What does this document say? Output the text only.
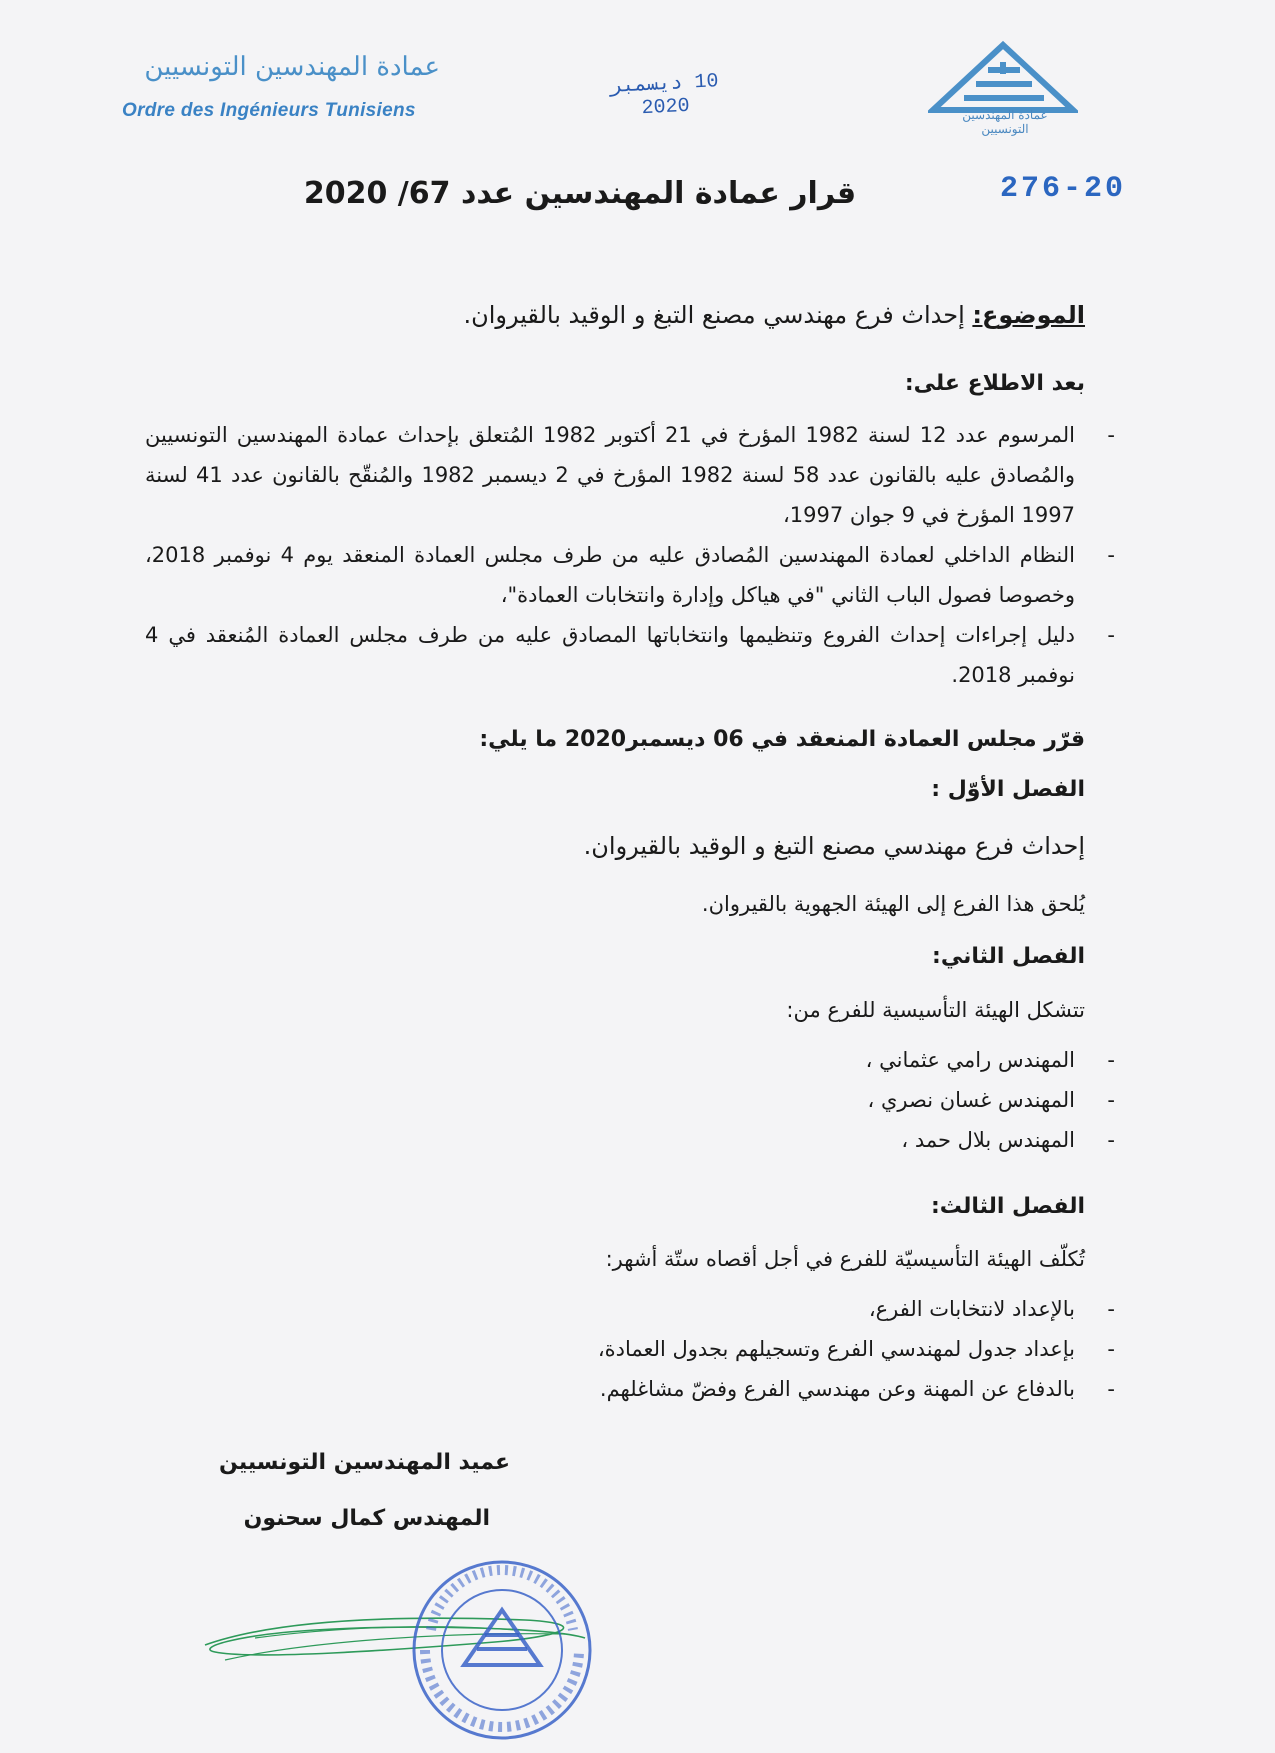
عمادة المهندسين التونسيين
Ordre des Ingénieurs Tunisiens
10 ديسمبر 2020	عمادة المهندسين التونسيين
276-20
قرار عمادة المهندسين عدد 67/ 2020
الموضوع: إحداث فرع مهندسي مصنع التبغ و الوقيد بالقيروان.
بعد الاطلاع على:
- المرسوم عدد 12 لسنة 1982 المؤرخ في 21 أكتوبر 1982 المُتعلق بإحداث عمادة المهندسين التونسيين والمُصادق عليه بالقانون عدد 58 لسنة 1982 المؤرخ في 2 ديسمبر 1982 والمُنقّح بالقانون عدد 41 لسنة 1997 المؤرخ في 9 جوان 1997،
- النظام الداخلي لعمادة المهندسين المُصادق عليه من طرف مجلس العمادة المنعقد يوم 4 نوفمبر 2018، وخصوصا فصول الباب الثاني "في هياكل وإدارة وانتخابات العمادة"،
- دليل إجراءات إحداث الفروع وتنظيمها وانتخاباتها المصادق عليه من طرف مجلس العمادة المُنعقد في 4 نوفمبر 2018.
قرّر مجلس العمادة المنعقد في 06 ديسمبر2020 ما يلي:
الفصل الأوّل :
إحداث فرع مهندسي مصنع التبغ و الوقيد بالقيروان.
يُلحق هذا الفرع إلى الهيئة الجهوية بالقيروان.
الفصل الثاني:
تتشكل الهيئة التأسيسية للفرع من:
- المهندس رامي عثماني ،
- المهندس غسان نصري ،
- المهندس بلال حمد ،
الفصل الثالث:
تُكلّف الهيئة التأسيسيّة للفرع في أجل أقصاه ستّة أشهر:
- بالإعداد لانتخابات الفرع،
- بإعداد جدول لمهندسي الفرع وتسجيلهم بجدول العمادة،
- بالدفاع عن المهنة وعن مهندسي الفرع وفضّ مشاغلهم.
عميد المهندسين التونسيين
المهندس كمال سحنون
